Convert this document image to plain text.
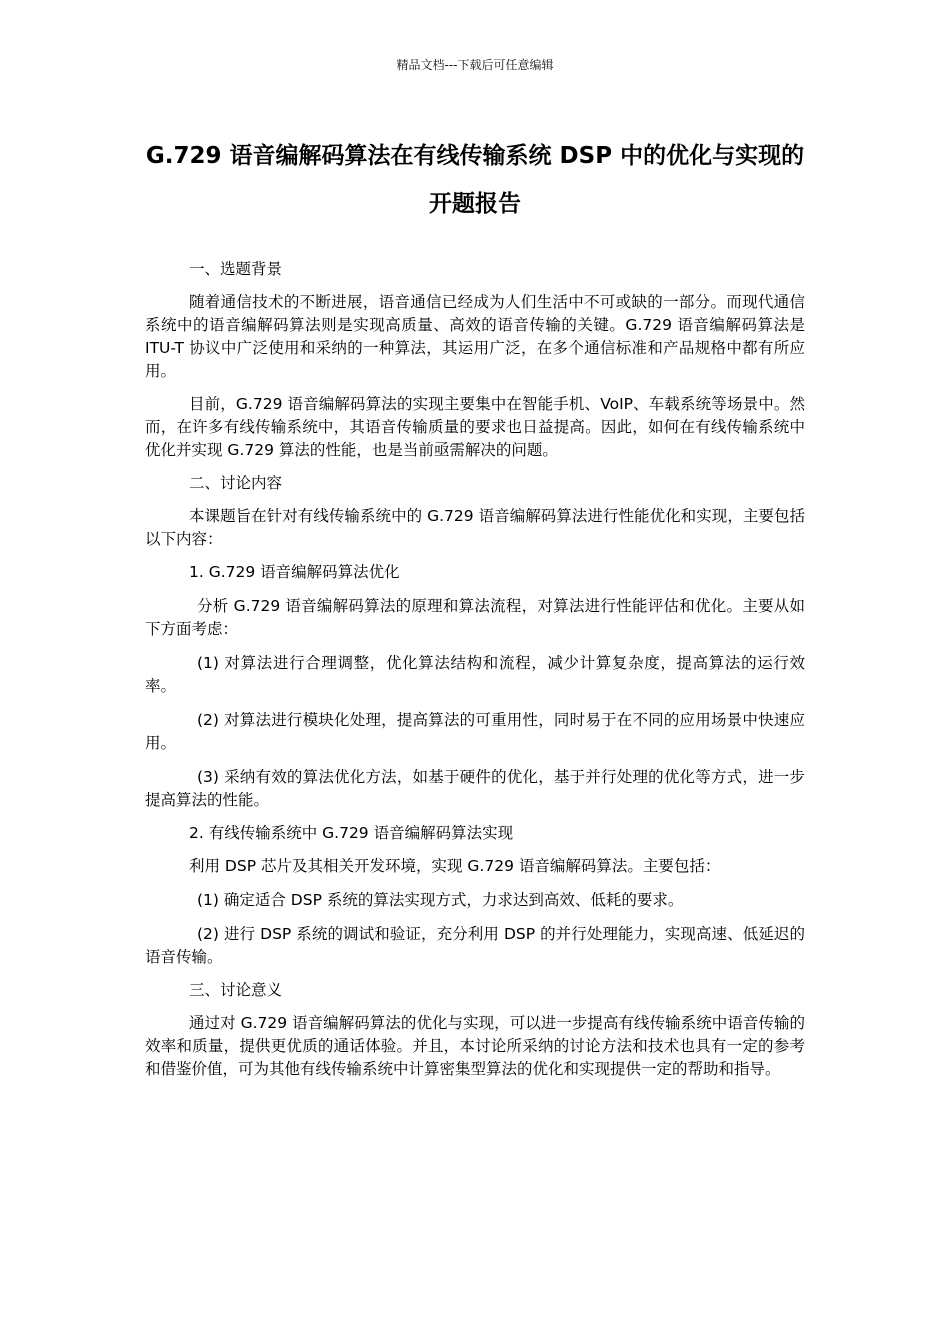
精品文档---下载后可任意编辑
G.729 语音编解码算法在有线传输系统 DSP 中的优化与实现的开题报告

一、选题背景

随着通信技术的不断进展，语音通信已经成为人们生活中不可或缺的一部分。而现代通信系统中的语音编解码算法则是实现高质量、高效的语音传输的关键。G.729 语音编解码算法是 ITU-T 协议中广泛使用和采纳的一种算法，其运用广泛，在多个通信标准和产品规格中都有所应用。

目前，G.729 语音编解码算法的实现主要集中在智能手机、VoIP、车载系统等场景中。然而，在许多有线传输系统中，其语音传输质量的要求也日益提高。因此，如何在有线传输系统中优化并实现 G.729 算法的性能，也是当前亟需解决的问题。

二、讨论内容

本课题旨在针对有线传输系统中的 G.729 语音编解码算法进行性能优化和实现，主要包括以下内容：

1. G.729 语音编解码算法优化

分析 G.729 语音编解码算法的原理和算法流程，对算法进行性能评估和优化。主要从如下方面考虑：

(1) 对算法进行合理调整，优化算法结构和流程，减少计算复杂度，提高算法的运行效率。

(2) 对算法进行模块化处理，提高算法的可重用性，同时易于在不同的应用场景中快速应用。

(3) 采纳有效的算法优化方法，如基于硬件的优化，基于并行处理的优化等方式，进一步提高算法的性能。

2. 有线传输系统中 G.729 语音编解码算法实现

利用 DSP 芯片及其相关开发环境，实现 G.729 语音编解码算法。主要包括：

(1) 确定适合 DSP 系统的算法实现方式，力求达到高效、低耗的要求。

(2) 进行 DSP 系统的调试和验证，充分利用 DSP 的并行处理能力，实现高速、低延迟的语音传输。

三、讨论意义

通过对 G.729 语音编解码算法的优化与实现，可以进一步提高有线传输系统中语音传输的效率和质量，提供更优质的通话体验。并且，本讨论所采纳的讨论方法和技术也具有一定的参考和借鉴价值，可为其他有线传输系统中计算密集型算法的优化和实现提供一定的帮助和指导。
